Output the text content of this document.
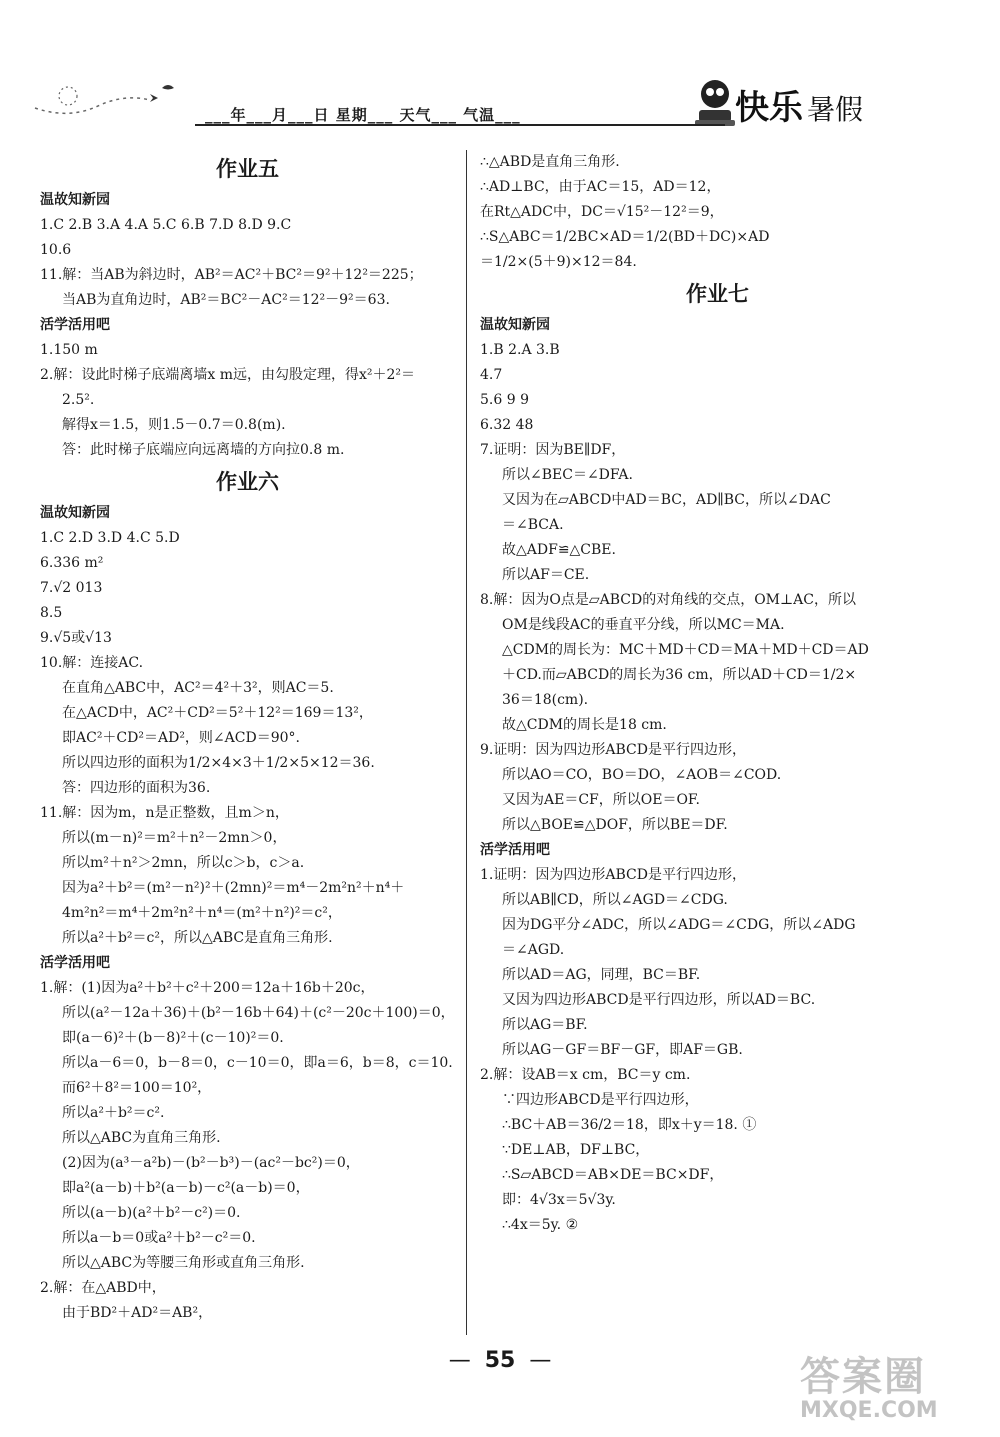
快乐 暑假
___年___月___日 星期___ 天气___ 气温___
作业五
温故知新园
1.C 2.B 3.A 4.A 5.C 6.B 7.D 8.D 9.C
10.6
11.解：当AB为斜边时，AB²＝AC²＋BC²＝9²＋12²＝225；
当AB为直角边时，AB²＝BC²－AC²＝12²－9²＝63.
活学活用吧
1.150 m
2.解：设此时梯子底端离墙x m远，由勾股定理，得x²＋2²＝
2.5².
解得x＝1.5，则1.5－0.7＝0.8(m).
答：此时梯子底端应向远离墙的方向拉0.8 m.
作业六
温故知新园
1.C 2.D 3.D 4.C 5.D
6.336 m²
7.√2 013
8.5
9.√5或√13
10.解：连接AC.
在直角△ABC中，AC²＝4²＋3²，则AC＝5.
在△ACD中，AC²＋CD²＝5²＋12²＝169＝13²，
即AC²＋CD²＝AD²，则∠ACD＝90°.
所以四边形的面积为1/2×4×3＋1/2×5×12＝36.
答：四边形的面积为36.
11.解：因为m，n是正整数，且m＞n，
所以(m－n)²＝m²＋n²－2mn＞0，
所以m²＋n²＞2mn，所以c＞b，c＞a.
因为a²＋b²＝(m²－n²)²＋(2mn)²＝m⁴－2m²n²＋n⁴＋
4m²n²＝m⁴＋2m²n²＋n⁴＝(m²＋n²)²＝c²，
所以a²＋b²＝c²，所以△ABC是直角三角形.
活学活用吧
1.解：(1)因为a²＋b²＋c²＋200＝12a＋16b＋20c，
所以(a²－12a＋36)＋(b²－16b＋64)＋(c²－20c＋100)＝0，
即(a－6)²＋(b－8)²＋(c－10)²＝0.
所以a－6＝0，b－8＝0，c－10＝0，即a＝6，b＝8，c＝10.
而6²＋8²＝100＝10²，
所以a²＋b²＝c².
所以△ABC为直角三角形.
(2)因为(a³－a²b)－(b²－b³)－(ac²－bc²)＝0，
即a²(a－b)＋b²(a－b)－c²(a－b)＝0，
所以(a－b)(a²＋b²－c²)＝0.
所以a－b＝0或a²＋b²－c²＝0.
所以△ABC为等腰三角形或直角三角形.
2.解：在△ABD中，
由于BD²＋AD²＝AB²，
∴△ABD是直角三角形.
∴AD⊥BC，由于AC＝15，AD＝12，
在Rt△ADC中，DC＝√15²－12²＝9，
∴S△ABC＝1/2BC×AD＝1/2(BD＋DC)×AD
＝1/2×(5＋9)×12＝84.
作业七
温故知新园
1.B 2.A 3.B
4.7
5.6 9 9
6.32 48
7.证明：因为BE∥DF，
所以∠BEC＝∠DFA.
又因为在▱ABCD中AD＝BC，AD∥BC，所以∠DAC
＝∠BCA.
故△ADF≌△CBE.
所以AF＝CE.
8.解：因为O点是▱ABCD的对角线的交点，OM⊥AC，所以
OM是线段AC的垂直平分线，所以MC＝MA.
△CDM的周长为：MC＋MD＋CD＝MA＋MD＋CD＝AD
＋CD.而▱ABCD的周长为36 cm，所以AD＋CD＝1/2×
36＝18(cm).
故△CDM的周长是18 cm.
9.证明：因为四边形ABCD是平行四边形，
所以AO＝CO，BO＝DO，∠AOB＝∠COD.
又因为AE＝CF，所以OE＝OF.
所以△BOE≌△DOF，所以BE＝DF.
活学活用吧
1.证明：因为四边形ABCD是平行四边形，
所以AB∥CD，所以∠AGD＝∠CDG.
因为DG平分∠ADC，所以∠ADG＝∠CDG，所以∠ADG
＝∠AGD.
所以AD＝AG，同理，BC＝BF.
又因为四边形ABCD是平行四边形，所以AD＝BC.
所以AG＝BF.
所以AG－GF＝BF－GF，即AF＝GB.
2.解：设AB＝x cm，BC＝y cm.
∵四边形ABCD是平行四边形，
∴BC＋AB＝36/2＝18，即x＋y＝18. ①
∵DE⊥AB，DF⊥BC，
∴S▱ABCD＝AB×DE＝BC×DF，
即：4√3x＝5√3y.
∴4x＝5y. ②
— 55 —	答案圈
MXQE.COM
